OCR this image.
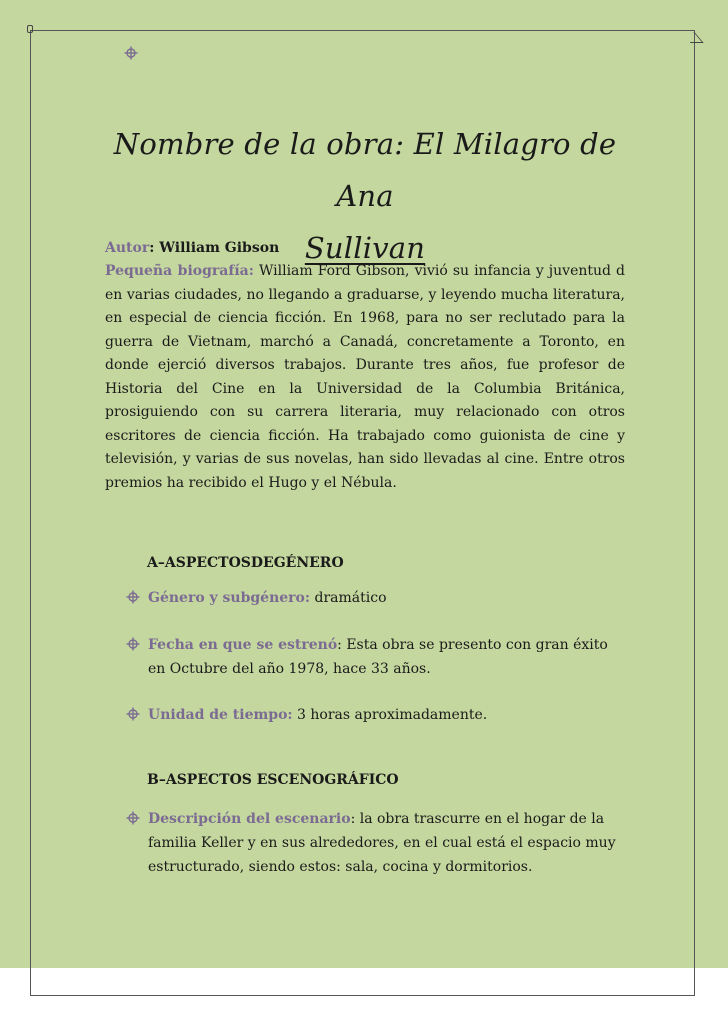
Nombre de la obra: El Milagro de Ana
Sullivan
Autor: William Gibson
Pequeña biografía: William Ford Gibson, vivió su infancia y juventud d en varias ciudades, no llegando a graduarse, y leyendo mucha literatura, en especial de ciencia ficción. En 1968, para no ser reclutado para la guerra de Vietnam, marchó a Canadá, concretamente a Toronto, en donde ejerció diversos trabajos. Durante tres años, fue profesor de Historia del Cine en la Universidad de la Columbia Británica, prosiguiendo con su carrera literaria, muy relacionado con otros escritores de ciencia ficción. Ha trabajado como guionista de cine y televisión, y varias de sus novelas, han sido llevadas al cine. Entre otros premios ha recibido el Hugo y el Nébula.
A–ASPECTOSDEGÉNERO
Género y subgénero: dramático
Fecha en que se estrenó: Esta obra se presento con gran éxito en Octubre del año 1978, hace 33 años.
Unidad de tiempo: 3 horas aproximadamente.
B–ASPECTOS ESCENOGRÁFICO
Descripción del escenario: la obra trascurre en el hogar de la familia Keller y en sus alrededores, en el cual está el espacio muy estructurado, siendo estos: sala, cocina y dormitorios.
